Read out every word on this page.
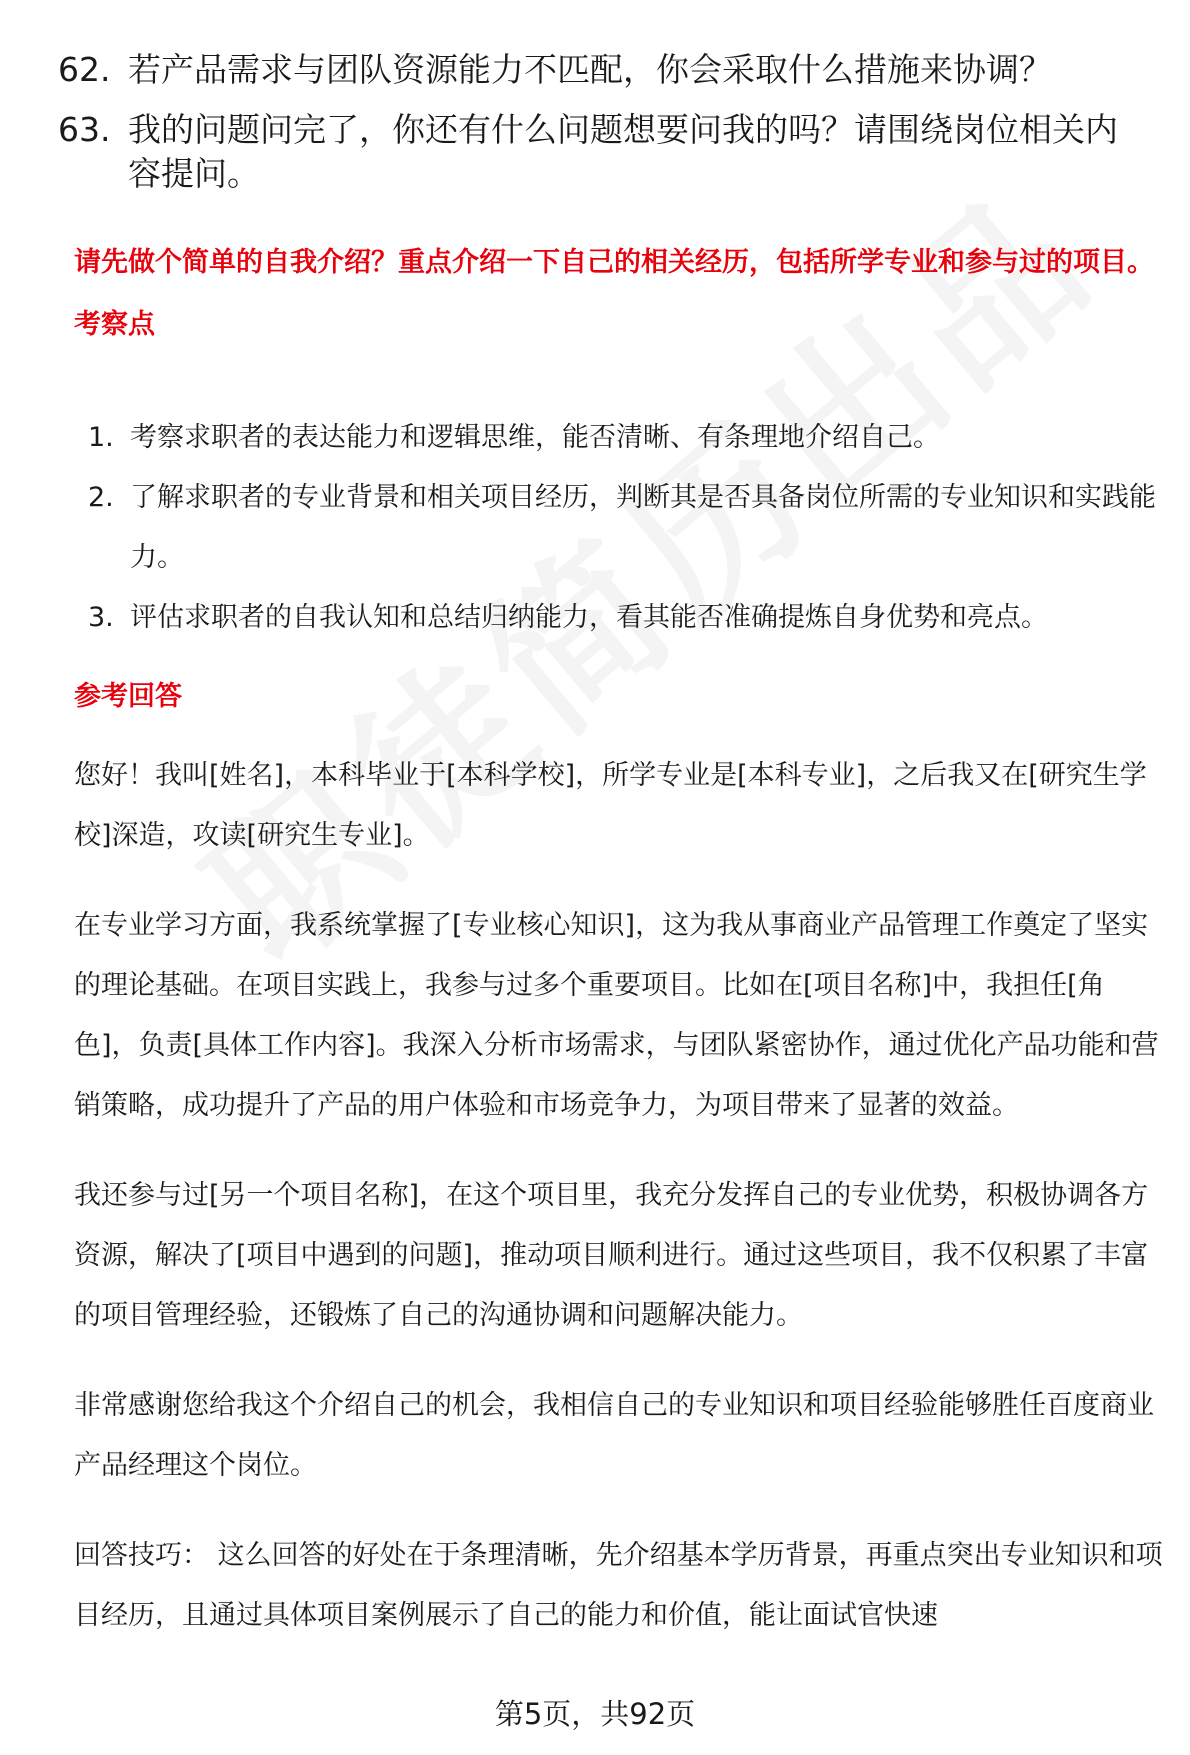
62. 若产品需求与团队资源能力不匹配，你会采取什么措施来协调？
63. 我的问题问完了，你还有什么问题想要问我的吗？请围绕岗位相关内容提问。
请先做个简单的自我介绍？重点介绍一下自己的相关经历，包括所学专业和参与过的项目。
考察点
1. 考察求职者的表达能力和逻辑思维，能否清晰、有条理地介绍自己。
2. 了解求职者的专业背景和相关项目经历，判断其是否具备岗位所需的专业知识和实践能力。
3. 评估求职者的自我认知和总结归纳能力，看其能否准确提炼自身优势和亮点。
参考回答

您好！我叫[姓名]，本科毕业于[本科学校]，所学专业是[本科专业]，之后我又在[研究生学校]深造，攻读[研究生专业]。

在专业学习方面，我系统掌握了[专业核心知识]，这为我从事商业产品管理工作奠定了坚实的理论基础。在项目实践上，我参与过多个重要项目。比如在[项目名称]中，我担任[角色]，负责[具体工作内容]。我深入分析市场需求，与团队紧密协作，通过优化产品功能和营销策略，成功提升了产品的用户体验和市场竞争力，为项目带来了显著的效益。

我还参与过[另一个项目名称]，在这个项目里，我充分发挥自己的专业优势，积极协调各方资源，解决了[项目中遇到的问题]，推动项目顺利进行。通过这些项目，我不仅积累了丰富的项目管理经验，还锻炼了自己的沟通协调和问题解决能力。

非常感谢您给我这个介绍自己的机会，我相信自己的专业知识和项目经验能够胜任百度商业产品经理这个岗位。

回答技巧： 这么回答的好处在于条理清晰，先介绍基本学历背景，再重点突出专业知识和项目经历，且通过具体项目案例展示了自己的能力和价值，能让面试官快速

第5页，共92页
